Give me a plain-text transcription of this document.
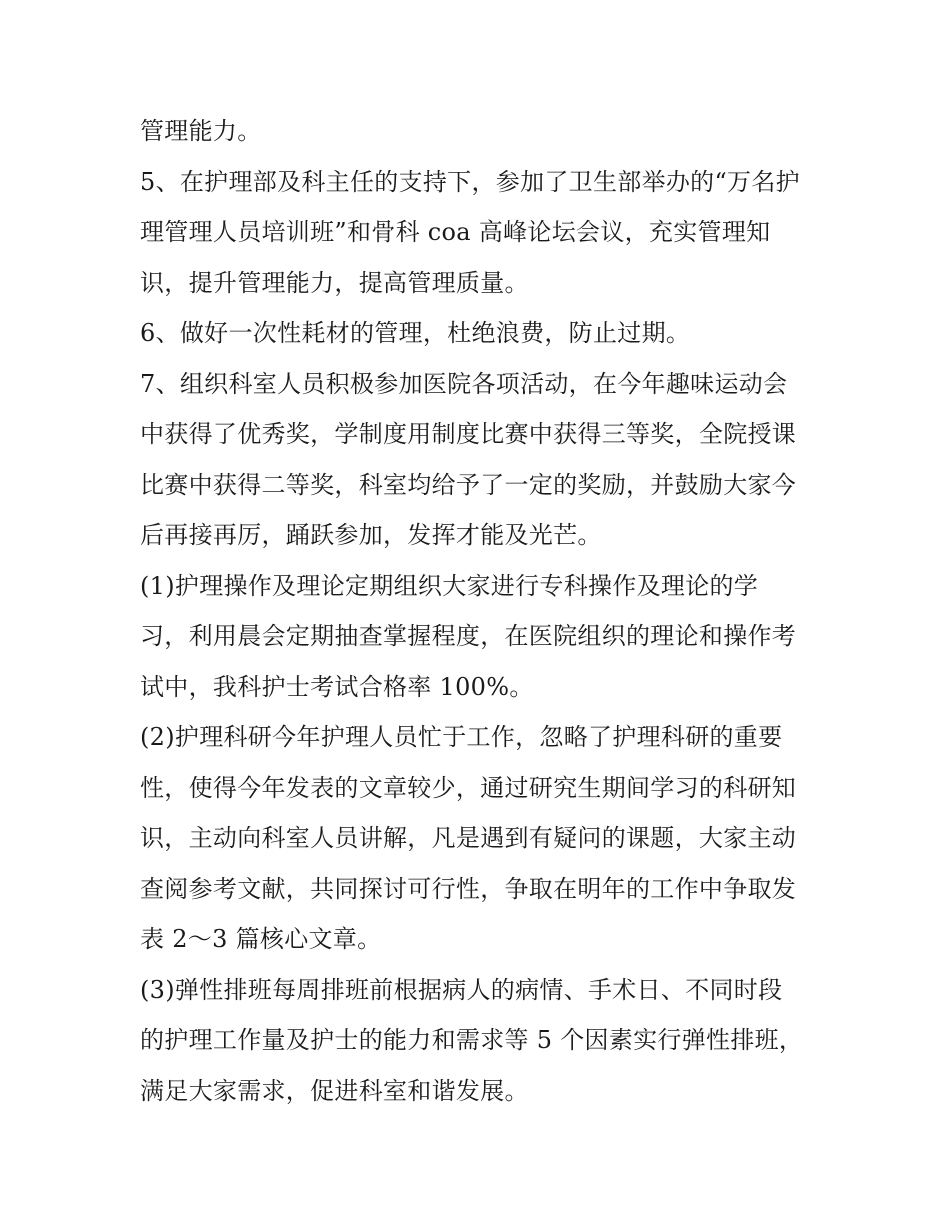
管理能力。
5、在护理部及科主任的支持下，参加了卫生部举办的“万名护
理管理人员培训班”和骨科 coa 高峰论坛会议，充实管理知
识，提升管理能力，提高管理质量。
6、做好一次性耗材的管理，杜绝浪费，防止过期。
7、组织科室人员积极参加医院各项活动，在今年趣味运动会
中获得了优秀奖，学制度用制度比赛中获得三等奖，全院授课
比赛中获得二等奖，科室均给予了一定的奖励，并鼓励大家今
后再接再厉，踊跃参加，发挥才能及光芒。
(1)护理操作及理论定期组织大家进行专科操作及理论的学
习，利用晨会定期抽查掌握程度，在医院组织的理论和操作考
试中，我科护士考试合格率 100%。
(2)护理科研今年护理人员忙于工作，忽略了护理科研的重要
性，使得今年发表的文章较少，通过研究生期间学习的科研知
识，主动向科室人员讲解，凡是遇到有疑问的课题，大家主动
查阅参考文献，共同探讨可行性，争取在明年的工作中争取发
表 2～3 篇核心文章。
(3)弹性排班每周排班前根据病人的病情、手术日、不同时段
的护理工作量及护士的能力和需求等 5 个因素实行弹性排班，
满足大家需求，促进科室和谐发展。
